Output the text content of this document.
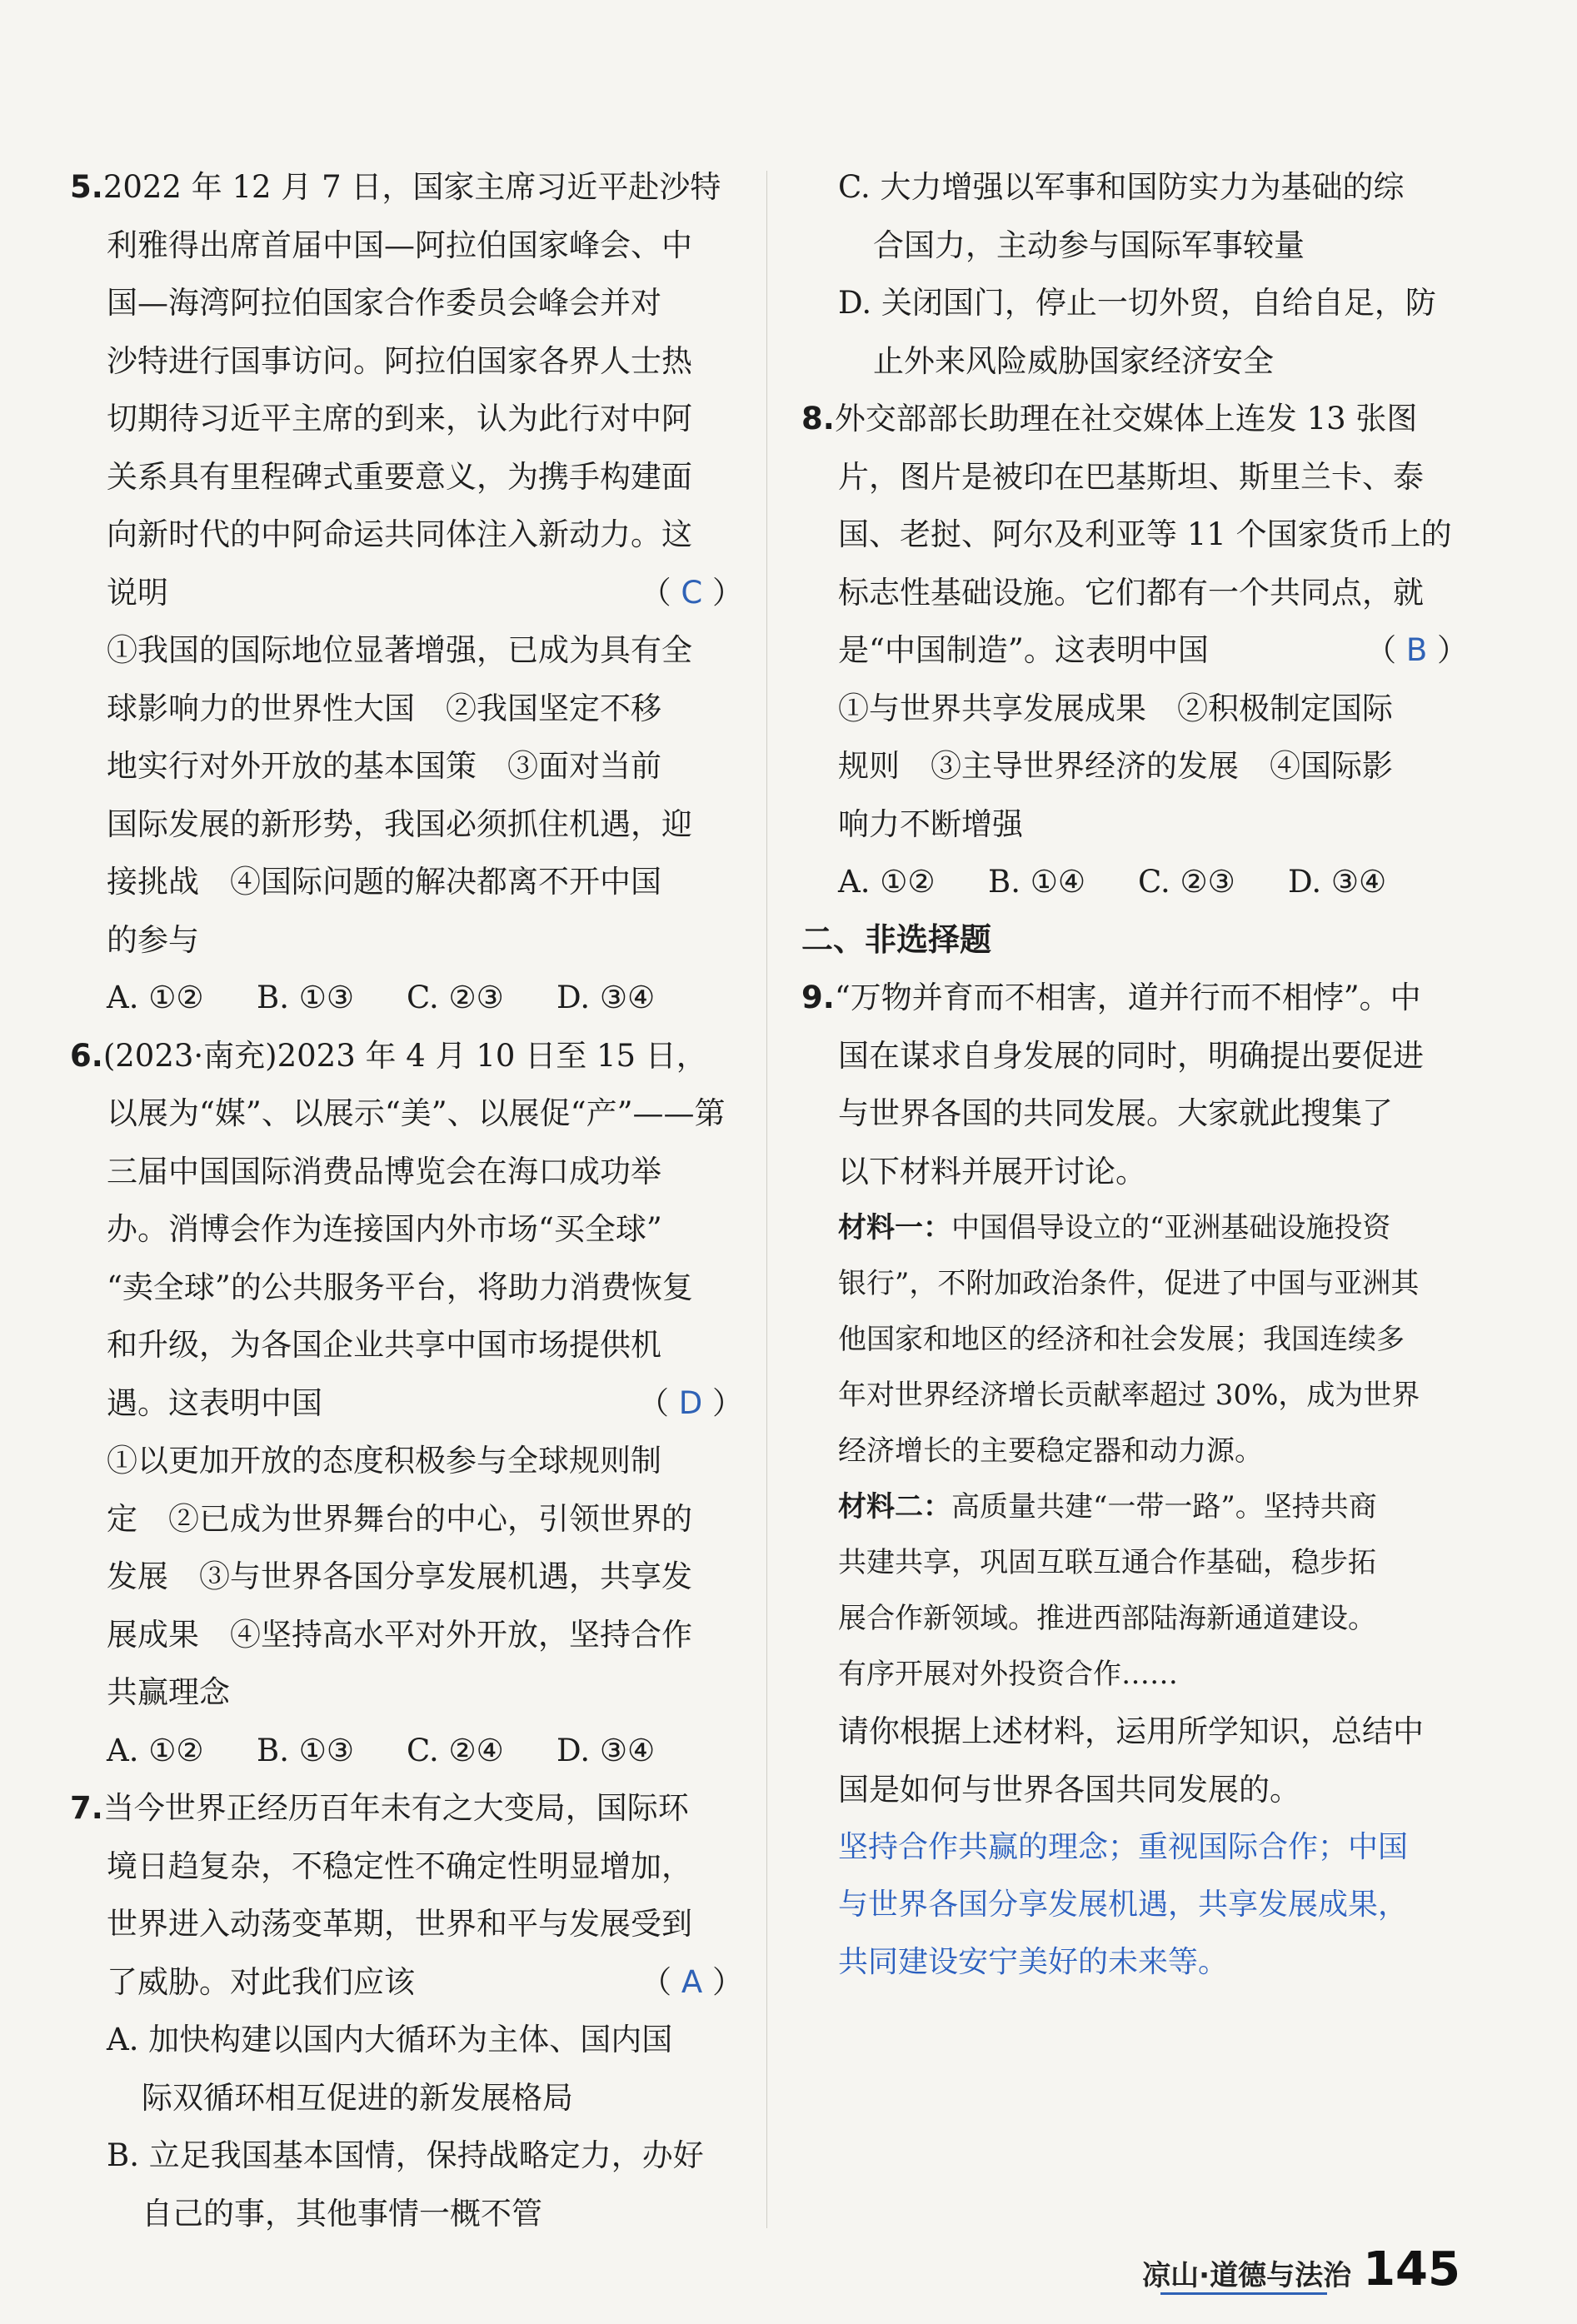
5.2022 年 12 月 7 日，国家主席习近平赴沙特
利雅得出席首届中国—阿拉伯国家峰会、中
国—海湾阿拉伯国家合作委员会峰会并对
沙特进行国事访问。阿拉伯国家各界人士热
切期待习近平主席的到来，认为此行对中阿
关系具有里程碑式重要意义，为携手构建面
向新时代的中阿命运共同体注入新动力。这
说明	（ C ）
①我国的国际地位显著增强，已成为具有全
球影响力的世界性大国　②我国坚定不移
地实行对外开放的基本国策　③面对当前
国际发展的新形势，我国必须抓住机遇，迎
接挑战　④国际问题的解决都离不开中国
的参与
A. ①②	B. ①③	C. ②③	D. ③④
6.(2023·南充)2023 年 4 月 10 日至 15 日，
以展为“媒”、以展示“美”、以展促“产”——第
三届中国国际消费品博览会在海口成功举
办。消博会作为连接国内外市场“买全球”
“卖全球”的公共服务平台，将助力消费恢复
和升级，为各国企业共享中国市场提供机
遇。这表明中国	（ D ）
①以更加开放的态度积极参与全球规则制
定　②已成为世界舞台的中心，引领世界的
发展　③与世界各国分享发展机遇，共享发
展成果　④坚持高水平对外开放，坚持合作
共赢理念
A. ①②	B. ①③	C. ②④	D. ③④
7.当今世界正经历百年未有之大变局，国际环
境日趋复杂，不稳定性不确定性明显增加，
世界进入动荡变革期，世界和平与发展受到
了威胁。对此我们应该	（ A ）
A. 加快构建以国内大循环为主体、国内国
际双循环相互促进的新发展格局
B. 立足我国基本国情，保持战略定力，办好
自己的事，其他事情一概不管
C. 大力增强以军事和国防实力为基础的综
合国力，主动参与国际军事较量
D. 关闭国门，停止一切外贸，自给自足，防
止外来风险威胁国家经济安全
8.外交部部长助理在社交媒体上连发 13 张图
片，图片是被印在巴基斯坦、斯里兰卡、泰
国、老挝、阿尔及利亚等 11 个国家货币上的
标志性基础设施。它们都有一个共同点，就
是“中国制造”。这表明中国	（ B ）
①与世界共享发展成果　②积极制定国际
规则　③主导世界经济的发展　④国际影
响力不断增强
A. ①②	B. ①④	C. ②③	D. ③④
二、非选择题
9.“万物并育而不相害，道并行而不相悖”。中
国在谋求自身发展的同时，明确提出要促进
与世界各国的共同发展。大家就此搜集了
以下材料并展开讨论。
材料一：中国倡导设立的“亚洲基础设施投资
银行”，不附加政治条件，促进了中国与亚洲其
他国家和地区的经济和社会发展；我国连续多
年对世界经济增长贡献率超过 30%，成为世界
经济增长的主要稳定器和动力源。
材料二：高质量共建“一带一路”。坚持共商
共建共享，巩固互联互通合作基础，稳步拓
展合作新领域。推进西部陆海新通道建设。
有序开展对外投资合作……
请你根据上述材料，运用所学知识，总结中
国是如何与世界各国共同发展的。
坚持合作共赢的理念；重视国际合作；中国
与世界各国分享发展机遇，共享发展成果，
共同建设安宁美好的未来等。
凉山·道德与法治 145
